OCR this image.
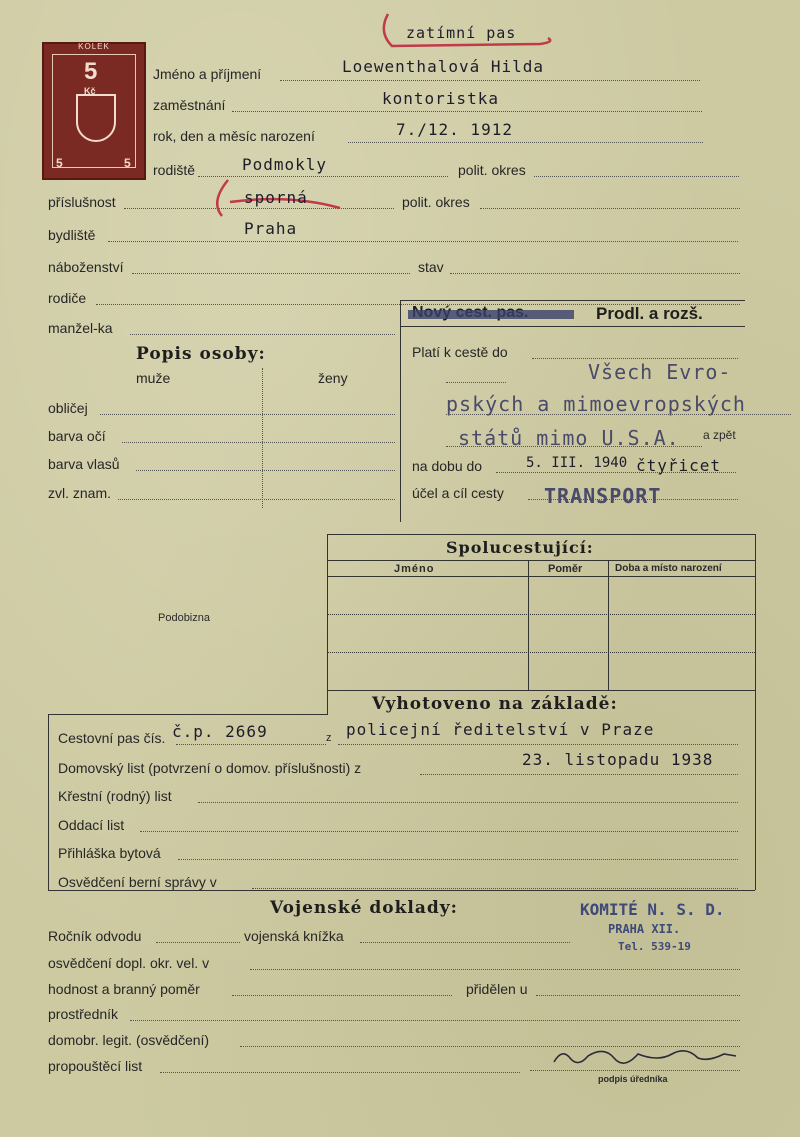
zatímní pas
KOLEK
5
Kč
5	5
Jméno a příjmení	Loewenthalová Hilda
zaměstnání	kontoristka
rok, den a měsíc narození	7./12. 1912
rodiště	Podmokly	polit. okres
příslušnost	sporná	polit. okres
bydliště	Praha
náboženství	stav
rodiče
manžel-ka
Popis osoby:
muže	ženy
obličej
barva očí
barva vlasů
zvl. znam.
Prodl. a rozš.
Platí k cestě do
Všech Evro-
pských a mimoevropských
států mimo U.S.A. a zpět
na dobu do	5. III. 1940 čtyřicet
účel a cíl cesty TRANSPORT
Podobizna
Spolucestující:
Jméno	Poměr	Doba a místo narození
Vyhotoveno na základě:
Cestovní pas čís. č.p. 2669	z policejní ředitelství v Praze
Domovský list (potvrzení o domov. příslušnosti) z	23. listopadu 1938
Křestní (rodný) list
Oddací list
Přihláška bytová
Osvědčení berní správy v
Vojenské doklady:	KOMITÉ N. S. D.
PRAHA XII.
Tel. 539-19
Ročník odvodu	vojenská knížka
osvědčení dopl. okr. vel. v
hodnost a branný poměr	přidělen u
prostředník
domobr. legit. (osvědčení)
propouštěcí list
podpis úředníka
